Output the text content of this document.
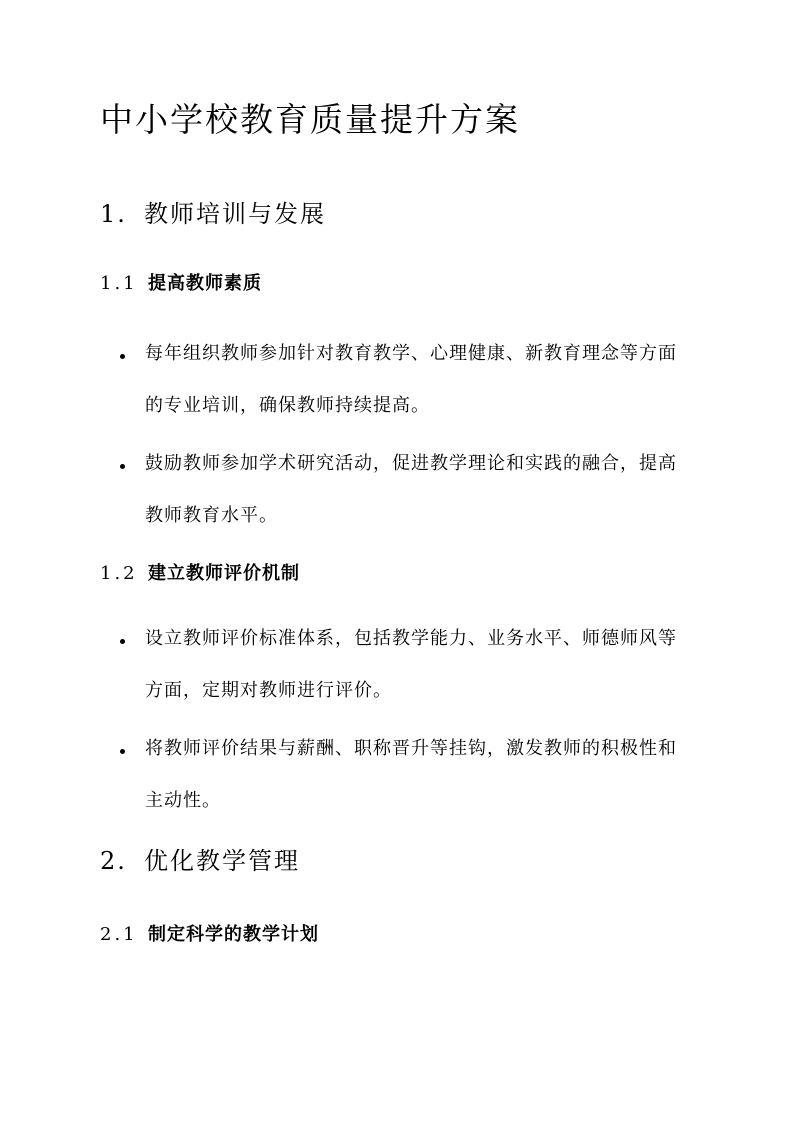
中小学校教育质量提升方案
1. 教师培训与发展
1.1 提高教师素质

每年组织教师参加针对教育教学、心理健康、新教育理念等方面的专业培训，确保教师持续提高。

鼓励教师参加学术研究活动，促进教学理论和实践的融合，提高教师教育水平。

1.2 建立教师评价机制

设立教师评价标准体系，包括教学能力、业务水平、师德师风等方面，定期对教师进行评价。

将教师评价结果与薪酬、职称晋升等挂钩，激发教师的积极性和主动性。

2. 优化教学管理
2.1 制定科学的教学计划
